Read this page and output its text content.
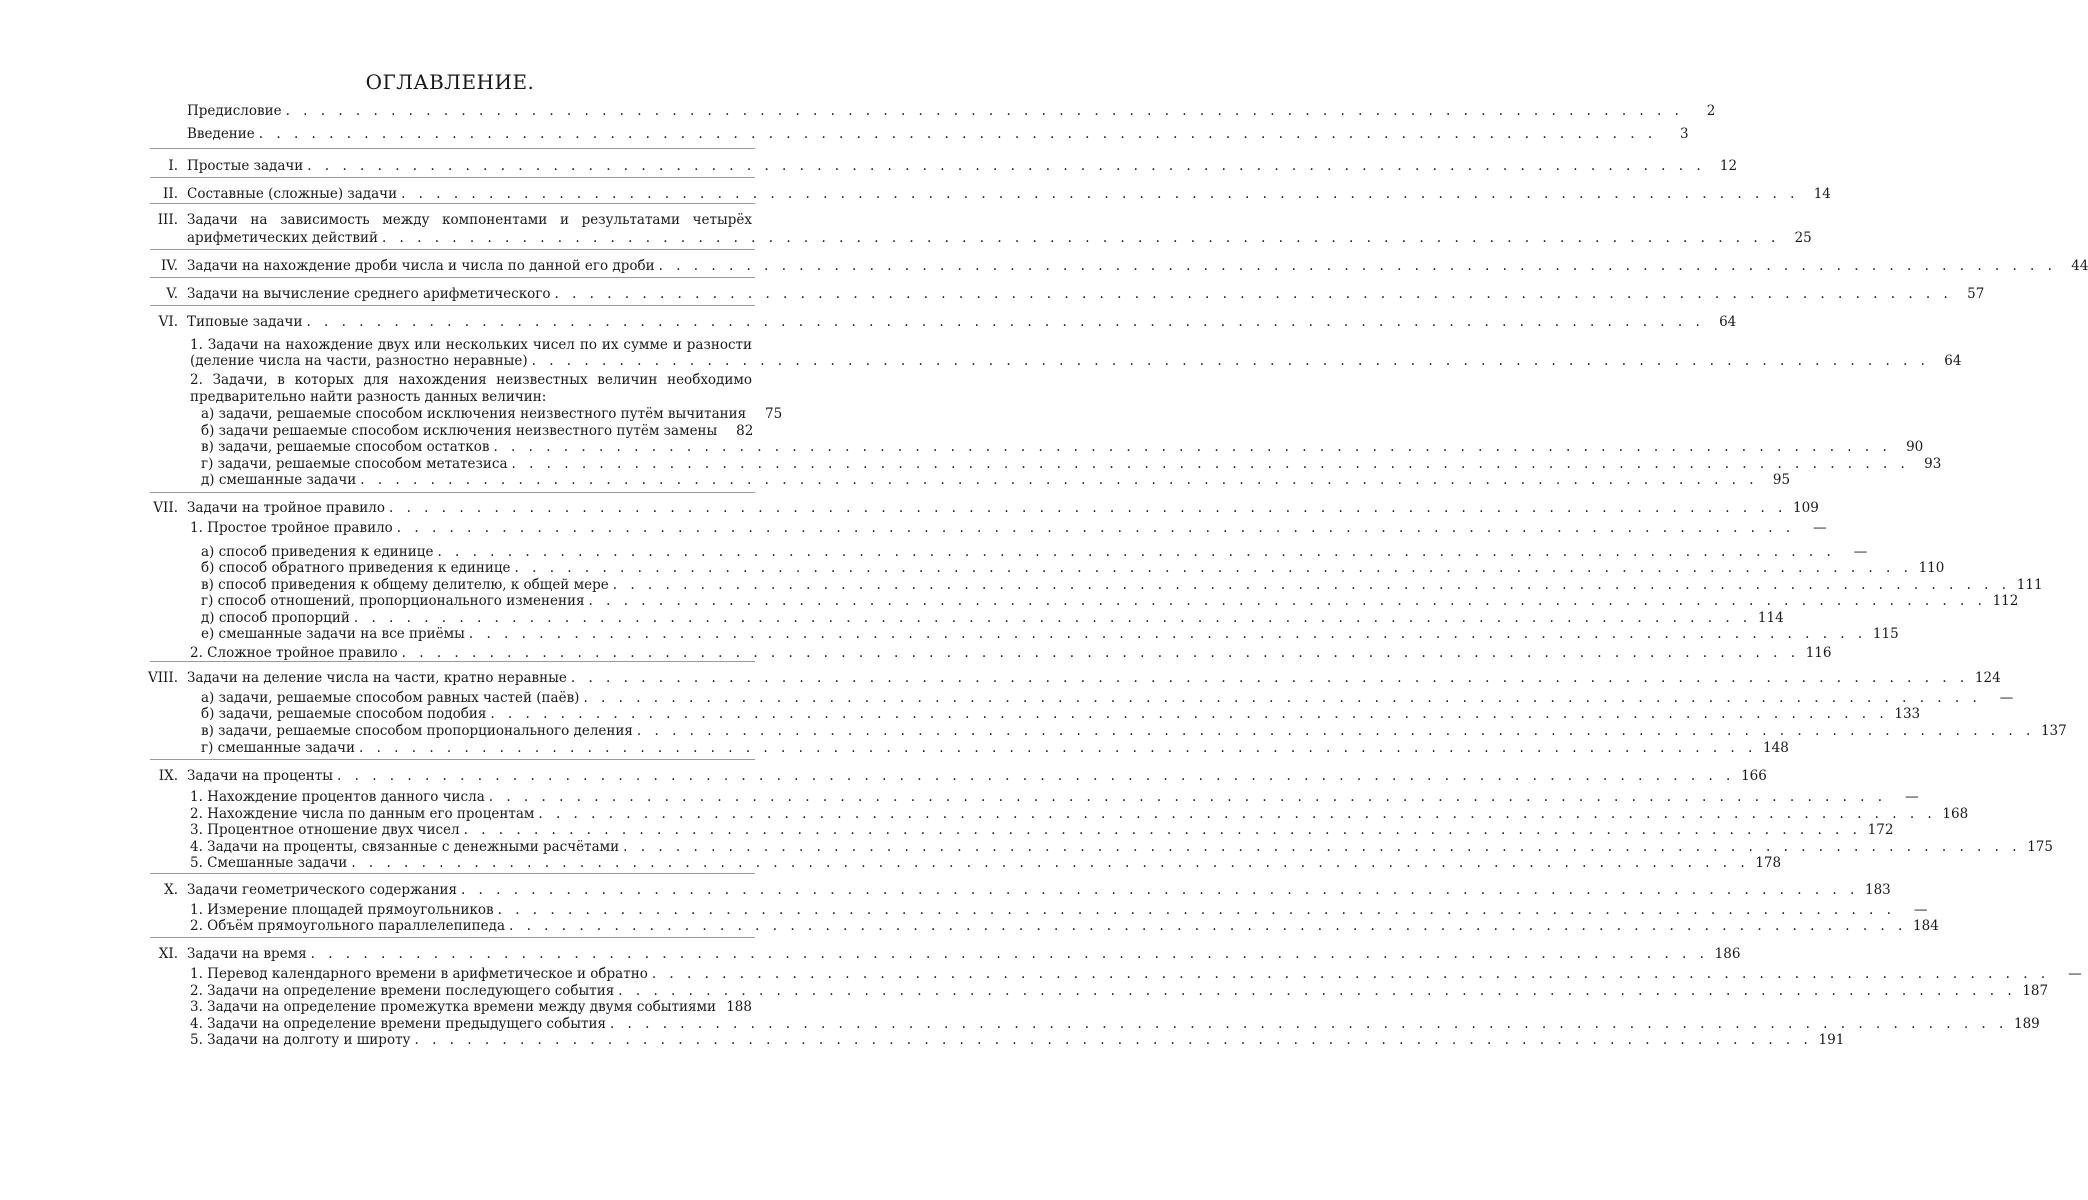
ОГЛАВЛЕНИЕ.
Предисловие . . . . . . . . . . . . . . . . . . . . . . . . . . . . . . . . . . . . . . . . . . . . . . . . . . . . . . . . . . . . . . . . . . . . . . . . . . . . . . . .	2
Введение . . . . . . . . . . . . . . . . . . . . . . . . . . . . . . . . . . . . . . . . . . . . . . . . . . . . . . . . . . . . . . . . . . . . . . . . . . . . . . . .	3
I. Простые задачи . . . . . . . . . . . . . . . . . . . . . . . . . . . . . . . . . . . . . . . . . . . . . . . . . . . . . . . . . . . . . . . . . . . . . . . . . . . . . . . .	12
II. Составные (сложные) задачи . . . . . . . . . . . . . . . . . . . . . . . . . . . . . . . . . . . . . . . . . . . . . . . . . . . . . . . . . . . . . . . . . . . . . . . . . . . . . . . .	14
III. Задачи на зависимость между компонентами и результатами четырёх
арифметических действий . . . . . . . . . . . . . . . . . . . . . . . . . . . . . . . . . . . . . . . . . . . . . . . . . . . . . . . . . . . . . . . . . . . . . . . . . . . . . . . .	25
IV. Задачи на нахождение дроби числа и числа по данной его дроби . . . . . . . . . . . . . . . . . . . . . . . . . . . . . . . . . . . . . . . . . . . . . . . . . . . . . . . . . . . . . . . . . . . . . . . . . . . . . . . .	44
V. Задачи на вычисление среднего арифметического . . . . . . . . . . . . . . . . . . . . . . . . . . . . . . . . . . . . . . . . . . . . . . . . . . . . . . . . . . . . . . . . . . . . . . . . . . . . . . . .	57
VI. Типовые задачи . . . . . . . . . . . . . . . . . . . . . . . . . . . . . . . . . . . . . . . . . . . . . . . . . . . . . . . . . . . . . . . . . . . . . . . . . . . . . . . .	64
1. Задачи на нахождение двух или нескольких чисел по их сумме и разности
(деление числа на части, разностно неравные) . . . . . . . . . . . . . . . . . . . . . . . . . . . . . . . . . . . . . . . . . . . . . . . . . . . . . . . . . . . . . . . . . . . . . . . . . . . . . . . .	64
2. Задачи, в которых для нахождения неизвестных величин необходимо
предварительно найти разность данных величин:
а) задачи, решаемые способом исключения неизвестного путём вычитания	75
б) задачи решаемые способом исключения неизвестного путём замены	82
в) задачи, решаемые способом остатков . . . . . . . . . . . . . . . . . . . . . . . . . . . . . . . . . . . . . . . . . . . . . . . . . . . . . . . . . . . . . . . . . . . . . . . . . . . . . . . .	90
г) задачи, решаемые способом метатезиса . . . . . . . . . . . . . . . . . . . . . . . . . . . . . . . . . . . . . . . . . . . . . . . . . . . . . . . . . . . . . . . . . . . . . . . . . . . . . . . .	93
д) смешанные задачи . . . . . . . . . . . . . . . . . . . . . . . . . . . . . . . . . . . . . . . . . . . . . . . . . . . . . . . . . . . . . . . . . . . . . . . . . . . . . . . .	95
VII. Задачи на тройное правило . . . . . . . . . . . . . . . . . . . . . . . . . . . . . . . . . . . . . . . . . . . . . . . . . . . . . . . . . . . . . . . . . . . . . . . . . . . . . . . . 109
1. Простое тройное правило . . . . . . . . . . . . . . . . . . . . . . . . . . . . . . . . . . . . . . . . . . . . . . . . . . . . . . . . . . . . . . . . . . . . . . . . . . . . . . . .	—
а) способ приведения к единице . . . . . . . . . . . . . . . . . . . . . . . . . . . . . . . . . . . . . . . . . . . . . . . . . . . . . . . . . . . . . . . . . . . . . . . . . . . . . . . .	—
б) способ обратного приведения к единице . . . . . . . . . . . . . . . . . . . . . . . . . . . . . . . . . . . . . . . . . . . . . . . . . . . . . . . . . . . . . . . . . . . . . . . . . . . . . . . . 110
в) способ приведения к общему делителю, к общей мере . . . . . . . . . . . . . . . . . . . . . . . . . . . . . . . . . . . . . . . . . . . . . . . . . . . . . . . . . . . . . . . . . . . . . . . . . . . . . . . . 111
г) способ отношений, пропорционального изменения . . . . . . . . . . . . . . . . . . . . . . . . . . . . . . . . . . . . . . . . . . . . . . . . . . . . . . . . . . . . . . . . . . . . . . . . . . . . . . . . 112
д) способ пропорций . . . . . . . . . . . . . . . . . . . . . . . . . . . . . . . . . . . . . . . . . . . . . . . . . . . . . . . . . . . . . . . . . . . . . . . . . . . . . . . . 114
е) смешанные задачи на все приёмы . . . . . . . . . . . . . . . . . . . . . . . . . . . . . . . . . . . . . . . . . . . . . . . . . . . . . . . . . . . . . . . . . . . . . . . . . . . . . . . . 115
2. Сложное тройное правило . . . . . . . . . . . . . . . . . . . . . . . . . . . . . . . . . . . . . . . . . . . . . . . . . . . . . . . . . . . . . . . . . . . . . . . . . . . . . . . . 116
VIII. Задачи на деление числа на части, кратно неравные . . . . . . . . . . . . . . . . . . . . . . . . . . . . . . . . . . . . . . . . . . . . . . . . . . . . . . . . . . . . . . . . . . . . . . . . . . . . . . . . 124
а) задачи, решаемые способом равных частей (паёв) . . . . . . . . . . . . . . . . . . . . . . . . . . . . . . . . . . . . . . . . . . . . . . . . . . . . . . . . . . . . . . . . . . . . . . . . . . . . . . . .	—
б) задачи, решаемые способом подобия . . . . . . . . . . . . . . . . . . . . . . . . . . . . . . . . . . . . . . . . . . . . . . . . . . . . . . . . . . . . . . . . . . . . . . . . . . . . . . . . 133
в) задачи, решаемые способом пропорционального деления . . . . . . . . . . . . . . . . . . . . . . . . . . . . . . . . . . . . . . . . . . . . . . . . . . . . . . . . . . . . . . . . . . . . . . . . . . . . . . . . 137
г) смешанные задачи . . . . . . . . . . . . . . . . . . . . . . . . . . . . . . . . . . . . . . . . . . . . . . . . . . . . . . . . . . . . . . . . . . . . . . . . . . . . . . . . 148
IX. Задачи на проценты . . . . . . . . . . . . . . . . . . . . . . . . . . . . . . . . . . . . . . . . . . . . . . . . . . . . . . . . . . . . . . . . . . . . . . . . . . . . . . . . 166
1. Нахождение процентов данного числа . . . . . . . . . . . . . . . . . . . . . . . . . . . . . . . . . . . . . . . . . . . . . . . . . . . . . . . . . . . . . . . . . . . . . . . . . . . . . . . .	—
2. Нахождение числа по данным его процентам . . . . . . . . . . . . . . . . . . . . . . . . . . . . . . . . . . . . . . . . . . . . . . . . . . . . . . . . . . . . . . . . . . . . . . . . . . . . . . . . 168
3. Процентное отношение двух чисел . . . . . . . . . . . . . . . . . . . . . . . . . . . . . . . . . . . . . . . . . . . . . . . . . . . . . . . . . . . . . . . . . . . . . . . . . . . . . . . . 172
4. Задачи на проценты, связанные с денежными расчётами . . . . . . . . . . . . . . . . . . . . . . . . . . . . . . . . . . . . . . . . . . . . . . . . . . . . . . . . . . . . . . . . . . . . . . . . . . . . . . . . 175
5. Смешанные задачи . . . . . . . . . . . . . . . . . . . . . . . . . . . . . . . . . . . . . . . . . . . . . . . . . . . . . . . . . . . . . . . . . . . . . . . . . . . . . . . . 178
X. Задачи геометрического содержания . . . . . . . . . . . . . . . . . . . . . . . . . . . . . . . . . . . . . . . . . . . . . . . . . . . . . . . . . . . . . . . . . . . . . . . . . . . . . . . . 183
1. Измерение площадей прямоугольников . . . . . . . . . . . . . . . . . . . . . . . . . . . . . . . . . . . . . . . . . . . . . . . . . . . . . . . . . . . . . . . . . . . . . . . . . . . . . . . .	—
2. Объём прямоугольного параллелепипеда . . . . . . . . . . . . . . . . . . . . . . . . . . . . . . . . . . . . . . . . . . . . . . . . . . . . . . . . . . . . . . . . . . . . . . . . . . . . . . . . 184
XI. Задачи на время . . . . . . . . . . . . . . . . . . . . . . . . . . . . . . . . . . . . . . . . . . . . . . . . . . . . . . . . . . . . . . . . . . . . . . . . . . . . . . . . 186
1. Перевод календарного времени в арифметическое и обратно . . . . . . . . . . . . . . . . . . . . . . . . . . . . . . . . . . . . . . . . . . . . . . . . . . . . . . . . . . . . . . . . . . . . . . . . . . . . . . . .	—
2. Задачи на определение времени последующего события . . . . . . . . . . . . . . . . . . . . . . . . . . . . . . . . . . . . . . . . . . . . . . . . . . . . . . . . . . . . . . . . . . . . . . . . . . . . . . . . 187
3. Задачи на определение промежутка времени между двумя событиями 188
4. Задачи на определение времени предыдущего события . . . . . . . . . . . . . . . . . . . . . . . . . . . . . . . . . . . . . . . . . . . . . . . . . . . . . . . . . . . . . . . . . . . . . . . . . . . . . . . . 189
5. Задачи на долготу и широту . . . . . . . . . . . . . . . . . . . . . . . . . . . . . . . . . . . . . . . . . . . . . . . . . . . . . . . . . . . . . . . . . . . . . . . . . . . . . . . . 191
